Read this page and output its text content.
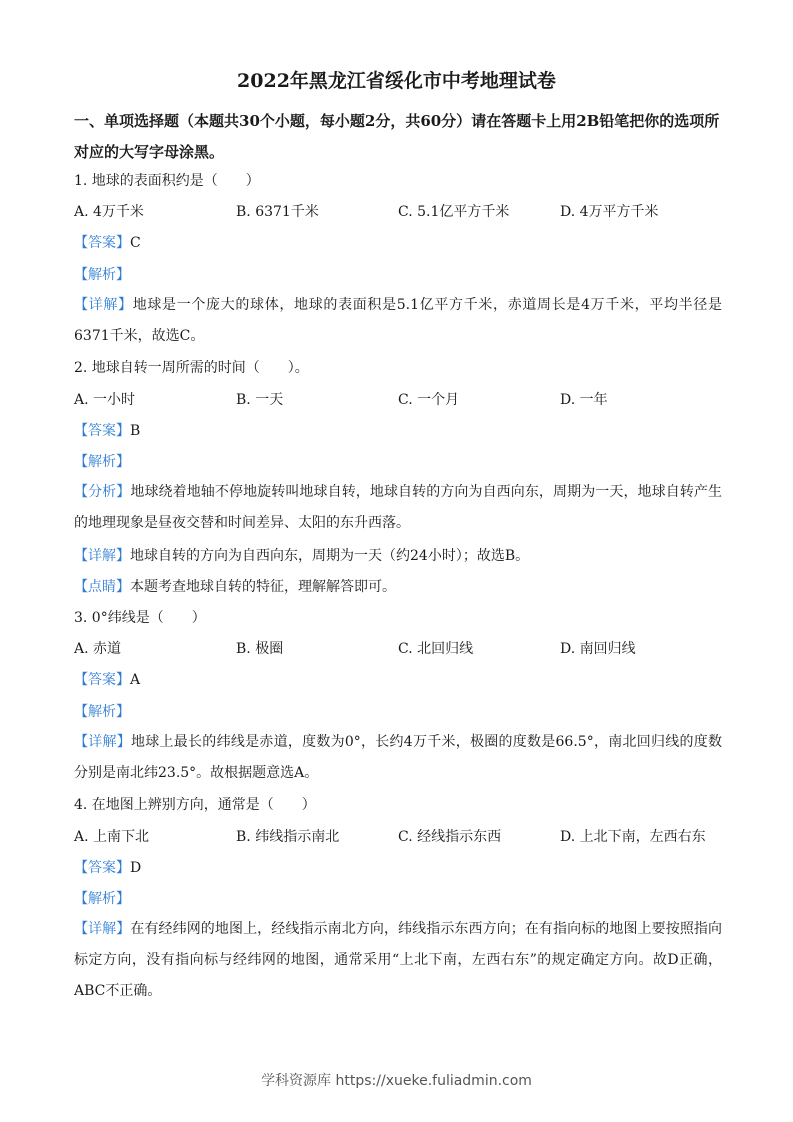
2022年黑龙江省绥化市中考地理试卷
一、单项选择题（本题共30个小题，每小题2分，共60分）请在答题卡上用2B铅笔把你的选项所对应的大写字母涂黑。
1. 地球的表面积约是（　　）
A. 4万千米	B. 6371千米	C. 5.1亿平方千米	D. 4万平方千米
【答案】C
【解析】
【详解】地球是一个庞大的球体，地球的表面积是5.1亿平方千米，赤道周长是4万千米，平均半径是6371千米，故选C。
2. 地球自转一周所需的时间（　　）。
A. 一小时	B. 一天	C. 一个月	D. 一年
【答案】B
【解析】
【分析】地球绕着地轴不停地旋转叫地球自转，地球自转的方向为自西向东，周期为一天，地球自转产生的地理现象是昼夜交替和时间差异、太阳的东升西落。
【详解】地球自转的方向为自西向东，周期为一天（约24小时）；故选B。
【点睛】本题考查地球自转的特征，理解解答即可。
3. 0°纬线是（　　）
A. 赤道	B. 极圈	C. 北回归线	D. 南回归线
【答案】A
【解析】
【详解】地球上最长的纬线是赤道，度数为0°，长约4万千米，极圈的度数是66.5°，南北回归线的度数分别是南北纬23.5°。故根据题意选A。
4. 在地图上辨别方向，通常是（　　）
A. 上南下北	B. 纬线指示南北	C. 经线指示东西	D. 上北下南，左西右东
【答案】D
【解析】
【详解】在有经纬网的地图上，经线指示南北方向，纬线指示东西方向；在有指向标的地图上要按照指向标定方向，没有指向标与经纬网的地图，通常采用“上北下南，左西右东”的规定确定方向。故D正确，ABC不正确。
学科资源库 https://xueke.fuliadmin.com
